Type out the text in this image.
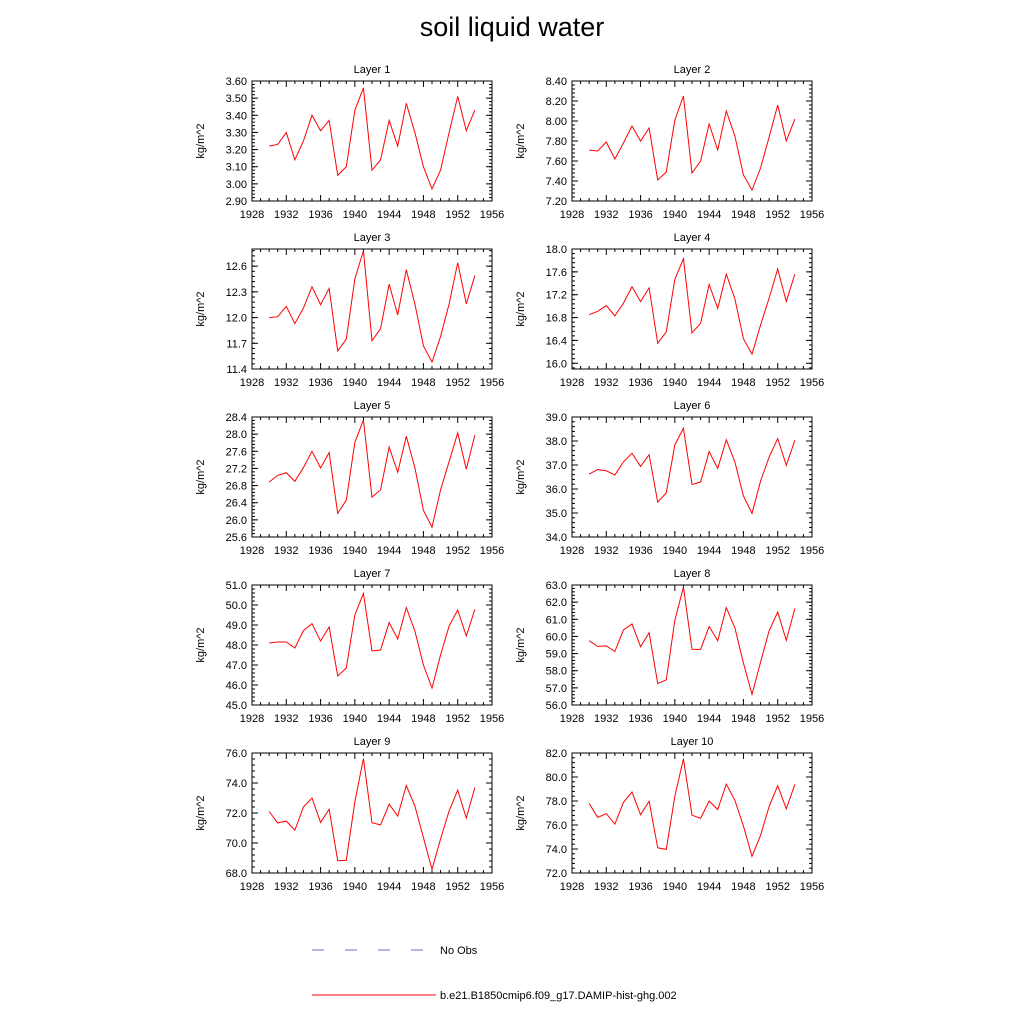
soil liquid water
Layer 1
kg/m^2
1928 1932 1936 1940 1944 1948 1952 1956
2.90
3.00
3.10
3.20
3.30
3.40
3.50
3.60
Layer 2
kg/m^2
1928 1932 1936 1940 1944 1948 1952 1956
7.20
7.40
7.60
7.80
8.00
8.20
8.40
Layer 3
kg/m^2
1928 1932 1936 1940 1944 1948 1952 1956
11.4
11.7
12.0
12.3
12.6
Layer 4
kg/m^2
1928 1932 1936 1940 1944 1948 1952 1956
16.0
16.4
16.8
17.2
17.6
18.0
Layer 5
kg/m^2
1928 1932 1936 1940 1944 1948 1952 1956
25.6
26.0
26.4
26.8
27.2
27.6
28.0
28.4
Layer 6
kg/m^2
1928 1932 1936 1940 1944 1948 1952 1956
34.0
35.0
36.0
37.0
38.0
39.0
Layer 7
kg/m^2
1928 1932 1936 1940 1944 1948 1952 1956
45.0
46.0
47.0
48.0
49.0
50.0
51.0
Layer 8
kg/m^2
1928 1932 1936 1940 1944 1948 1952 1956
56.0
57.0
58.0
59.0
60.0
61.0
62.0
63.0
Layer 9
kg/m^2
1928 1932 1936 1940 1944 1948 1952 1956
68.0
70.0
72.0
74.0
76.0
Layer 10
kg/m^2
1928 1932 1936 1940 1944 1948 1952 1956
72.0
74.0
76.0
78.0
80.0
82.0
No Obs
b.e21.B1850cmip6.f09_g17.DAMIP-hist-ghg.002
